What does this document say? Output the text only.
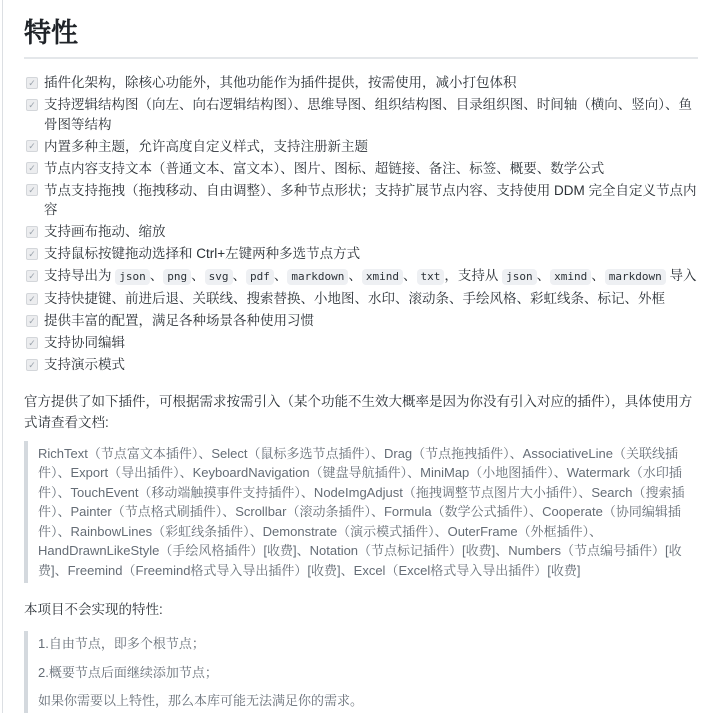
特性
✓ 插件化架构，除核心功能外，其他功能作为插件提供，按需使用，减小打包体积
✓ 支持逻辑结构图（向左、向右逻辑结构图）、思维导图、组织结构图、目录组织图、时间轴（横向、竖向）、鱼骨图等结构
✓ 内置多种主题，允许高度自定义样式，支持注册新主题
✓ 节点内容支持文本（普通文本、富文本）、图片、图标、超链接、备注、标签、概要、数学公式
✓ 节点支持拖拽（拖拽移动、自由调整）、多种节点形状；支持扩展节点内容、支持使用 DDM 完全自定义节点内容
✓ 支持画布拖动、缩放
✓ 支持鼠标按键拖动选择和 Ctrl+左键两种多选节点方式
✓ 支持导出为 json 、 png 、 svg 、 pdf 、 markdown 、 xmind 、 txt ，支持从 json 、 xmind 、 markdown 导入
✓ 支持快捷键、前进后退、关联线、搜索替换、小地图、水印、滚动条、手绘风格、彩虹线条、标记、外框
✓ 提供丰富的配置，满足各种场景各种使用习惯
✓ 支持协同编辑
✓ 支持演示模式

官方提供了如下插件，可根据需求按需引入（某个功能不生效大概率是因为你没有引入对应的插件），具体使用方式请查看文档:

RichText（节点富文本插件）、Select（鼠标多选节点插件）、Drag（节点拖拽插件）、AssociativeLine（关联线插件）、Export（导出插件）、KeyboardNavigation（键盘导航插件）、MiniMap（小地图插件）、Watermark（水印插件）、TouchEvent（移动端触摸事件支持插件）、NodeImgAdjust（拖拽调整节点图片大小插件）、Search（搜索插件）、Painter（节点格式刷插件）、Scrollbar（滚动条插件）、Formula（数学公式插件）、Cooperate（协同编辑插件）、RainbowLines（彩虹线条插件）、Demonstrate（演示模式插件）、OuterFrame（外框插件）、HandDrawnLikeStyle（手绘风格插件）[收费]、Notation（节点标记插件）[收费]、Numbers（节点编号插件）[收费]、Freemind（Freemind格式导入导出插件）[收费]、Excel（Excel格式导入导出插件）[收费]

本项目不会实现的特性:

1.自由节点，即多个根节点；

2.概要节点后面继续添加节点；

如果你需要以上特性，那么本库可能无法满足你的需求。
